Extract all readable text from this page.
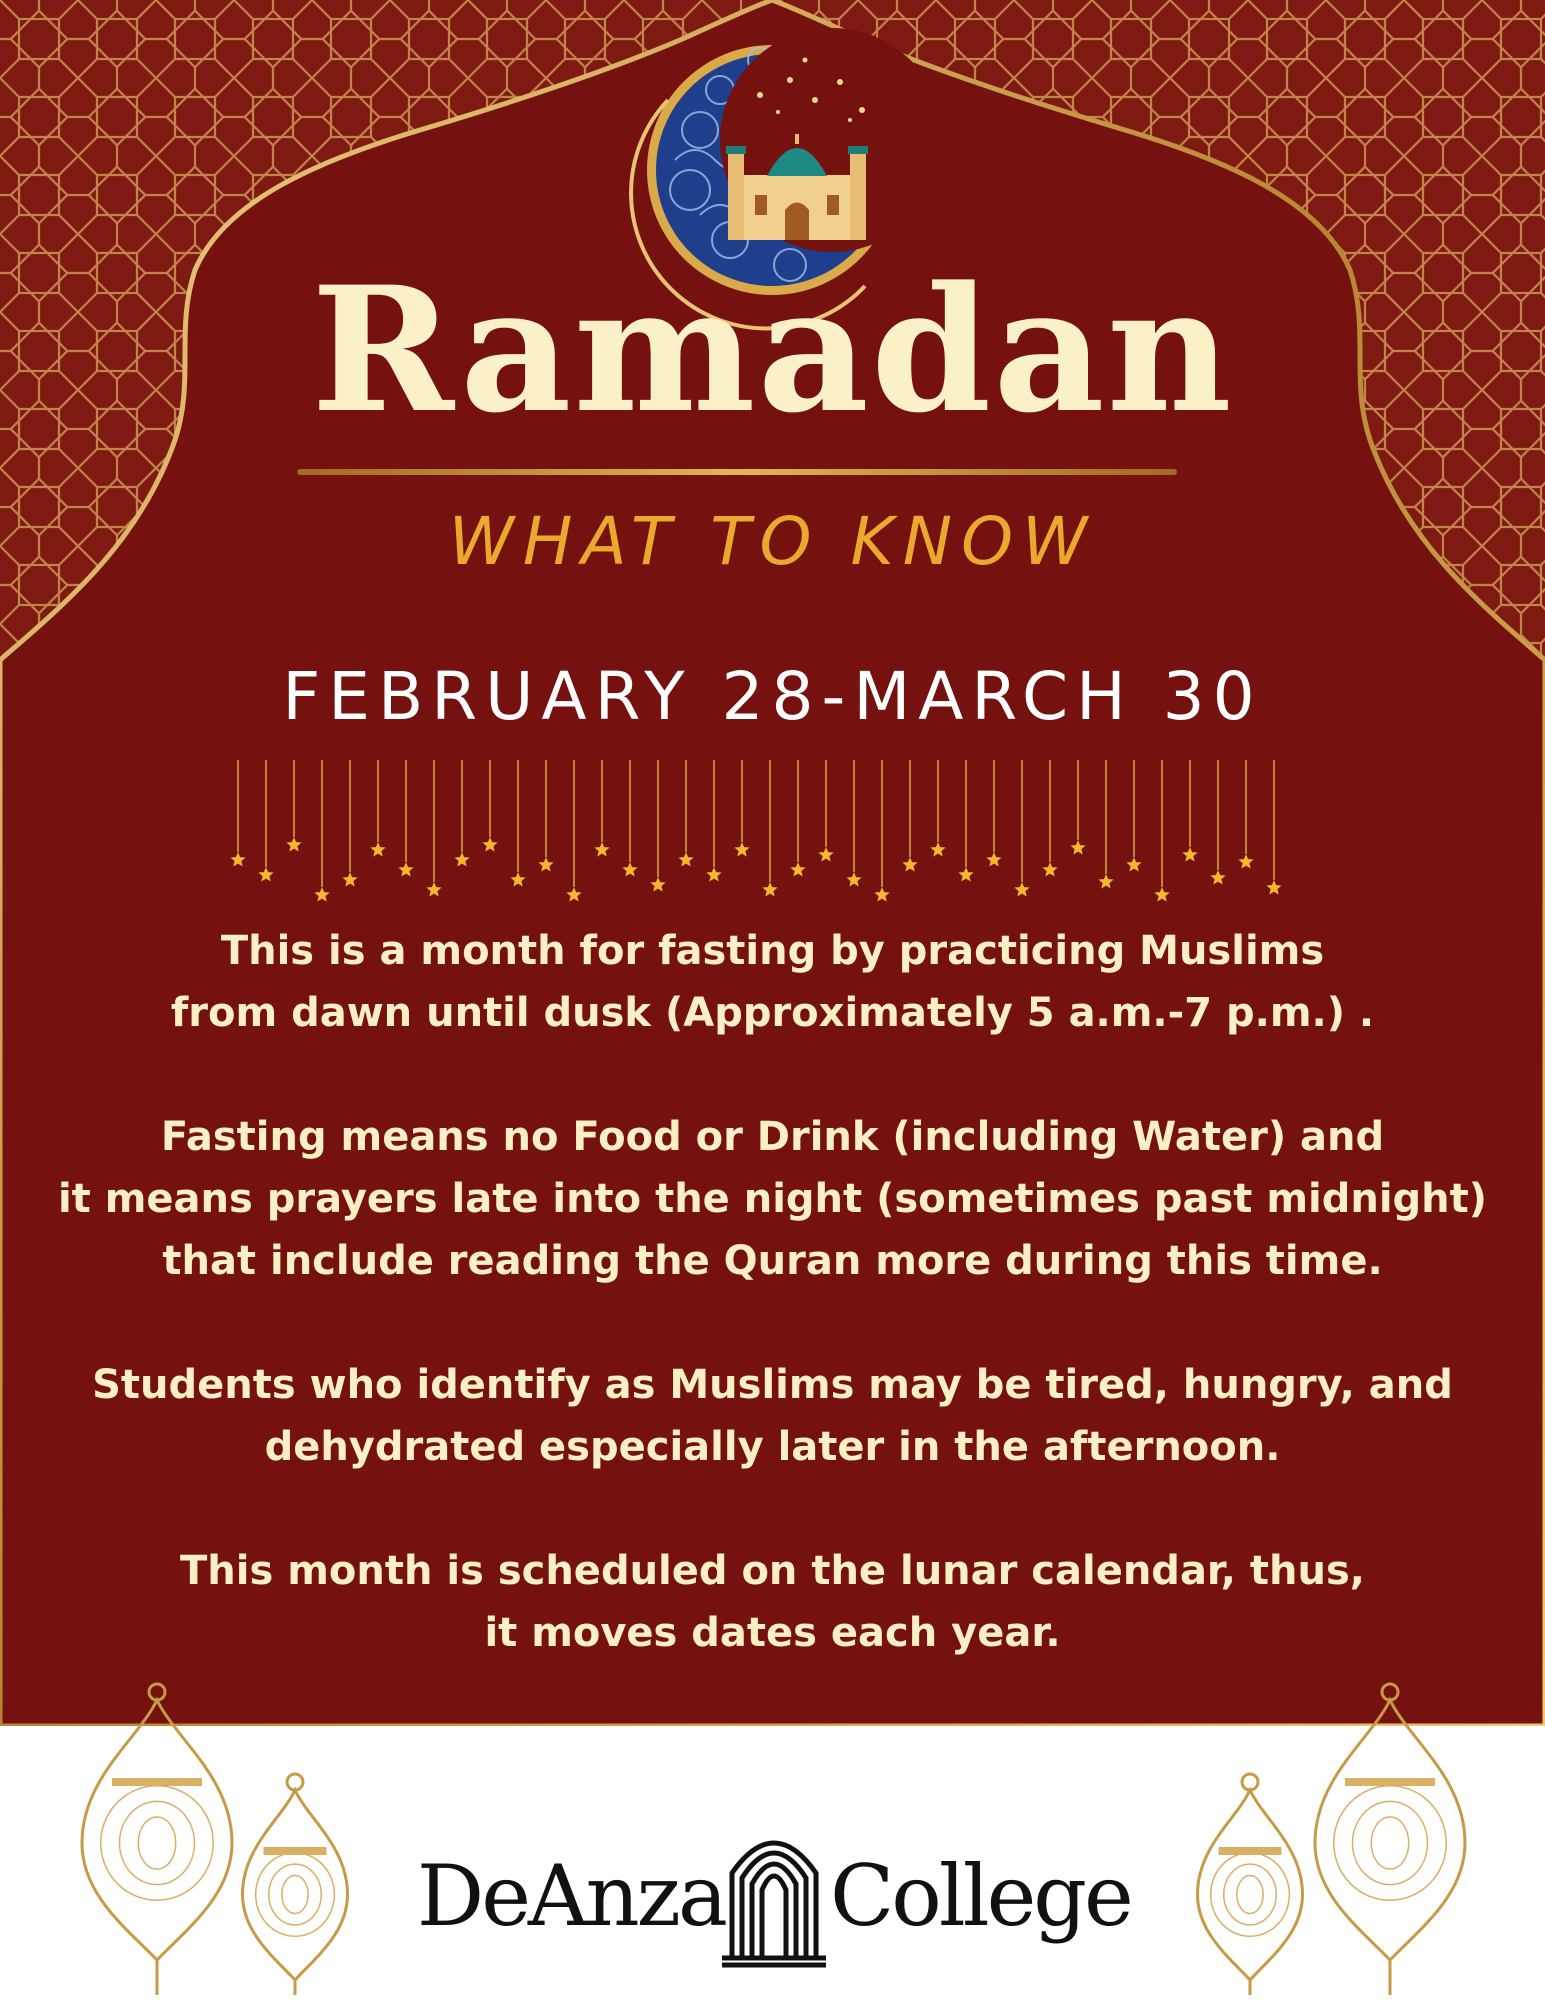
Ramadan
WHAT TO KNOW
FEBRUARY 28-MARCH 30

This is a month for fasting by practicing Muslims
from dawn until dusk (Approximately 5 a.m.-7 p.m.) .

Fasting means no Food or Drink (including Water) and
it means prayers late into the night (sometimes past midnight)
that include reading the Quran more during this time.

Students who identify as Muslims may be tired, hungry, and
dehydrated especially later in the afternoon.

This month is scheduled on the lunar calendar, thus,
it moves dates each year.

DeAnza College
